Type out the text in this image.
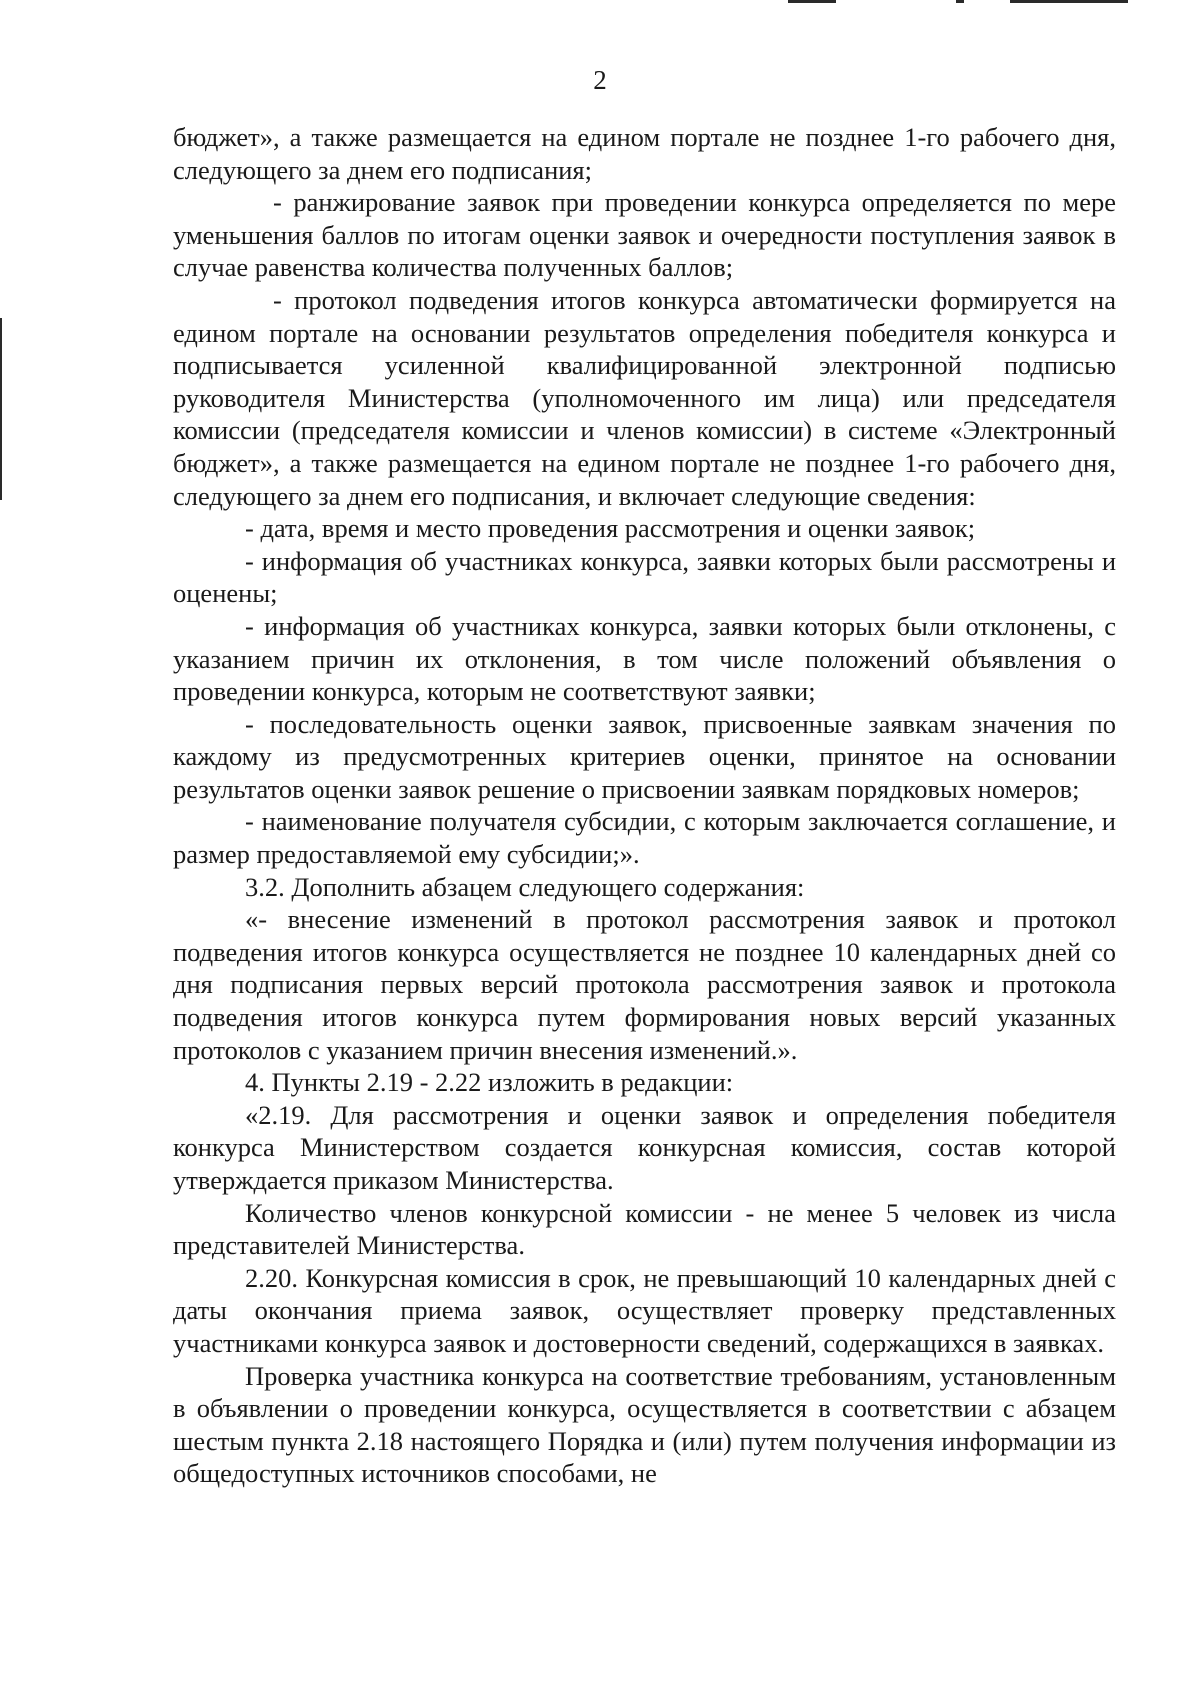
2

бюджет», а также размещается на едином портале не позднее 1-го рабочего дня, следующего за днем его подписания;

- ранжирование заявок при проведении конкурса определяется по мере уменьшения баллов по итогам оценки заявок и очередности поступления заявок в случае равенства количества полученных баллов;

- протокол подведения итогов конкурса автоматически формируется на едином портале на основании результатов определения победителя конкурса и подписывается усиленной квалифицированной электронной подписью руководителя Министерства (уполномоченного им лица) или председателя комиссии (председателя комиссии и членов комиссии) в системе «Электронный бюджет», а также размещается на едином портале не позднее 1-го рабочего дня, следующего за днем его подписания, и включает следующие сведения:

- дата, время и место проведения рассмотрения и оценки заявок;

- информация об участниках конкурса, заявки которых были рассмотрены и оценены;

- информация об участниках конкурса, заявки которых были отклонены, с указанием причин их отклонения, в том числе положений объявления о проведении конкурса, которым не соответствуют заявки;

- последовательность оценки заявок, присвоенные заявкам значения по каждому из предусмотренных критериев оценки, принятое на основании результатов оценки заявок решение о присвоении заявкам порядковых номеров;

- наименование получателя субсидии, с которым заключается соглашение, и размер предоставляемой ему субсидии;».

3.2. Дополнить абзацем следующего содержания:

«- внесение изменений в протокол рассмотрения заявок и протокол подведения итогов конкурса осуществляется не позднее 10 календарных дней со дня подписания первых версий протокола рассмотрения заявок и протокола подведения итогов конкурса путем формирования новых версий указанных протоколов с указанием причин внесения изменений.».

4. Пункты 2.19 - 2.22 изложить в редакции:

«2.19. Для рассмотрения и оценки заявок и определения победителя конкурса Министерством создается конкурсная комиссия, состав которой утверждается приказом Министерства.

Количество членов конкурсной комиссии - не менее 5 человек из числа представителей Министерства.

2.20. Конкурсная комиссия в срок, не превышающий 10 календарных дней с даты окончания приема заявок, осуществляет проверку представленных участниками конкурса заявок и достоверности сведений, содержащихся в заявках.

Проверка участника конкурса на соответствие требованиям, установленным в объявлении о проведении конкурса, осуществляется в соответствии с абзацем шестым пункта 2.18 настоящего Порядка и (или) путем получения информации из общедоступных источников способами, не
